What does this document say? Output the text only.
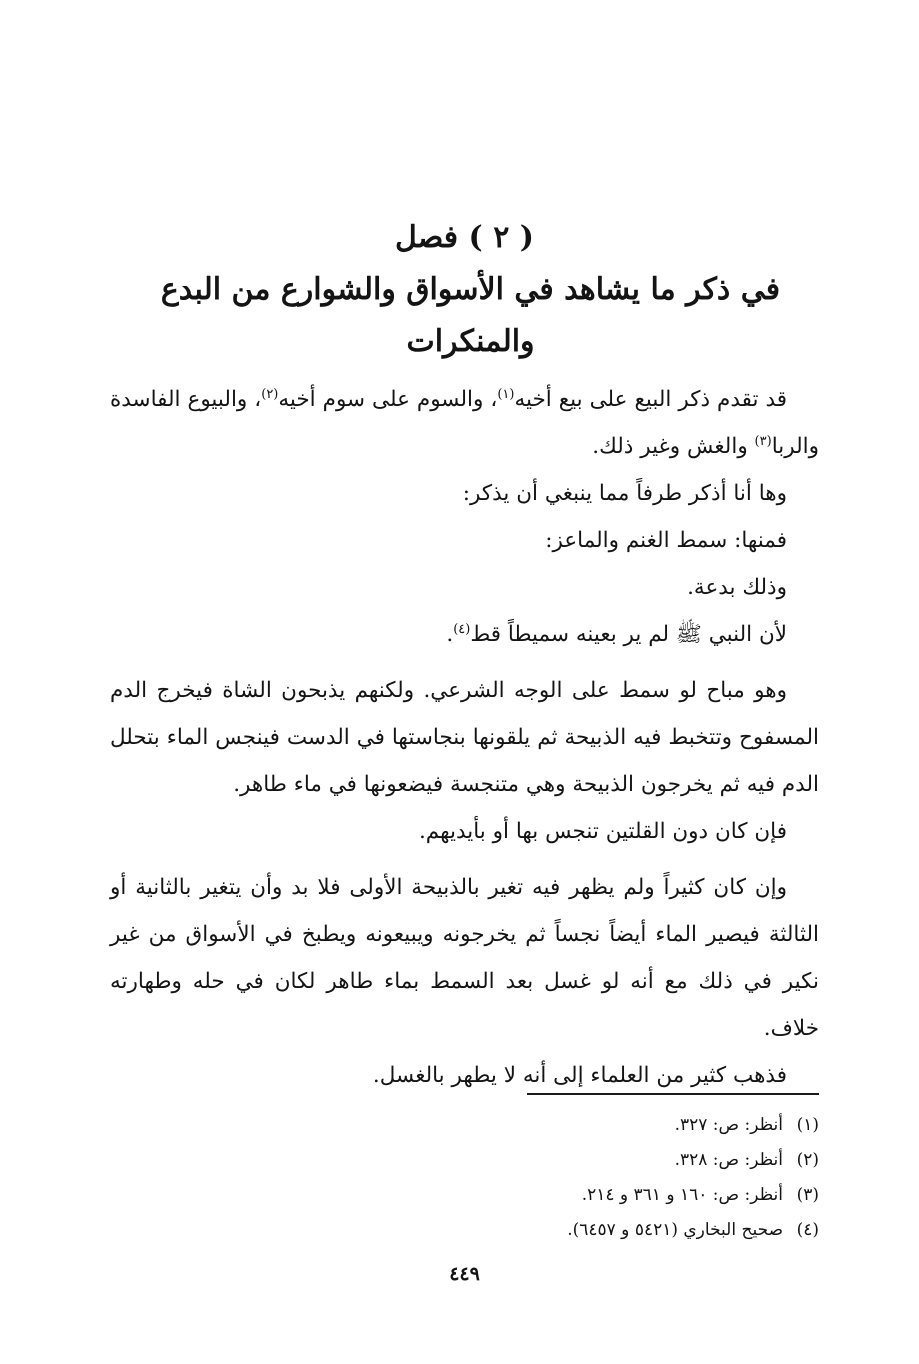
( ٢ ) فصل
في ذكر ما يشاهد في الأسواق والشوارع من البدع والمنكرات

قد تقدم ذكر البيع على بيع أخيه$^{(١)}$، والسوم على سوم أخيه$^{(٢)}$، والبيوع الفاسدة والربا$^{(٣)}$ والغش وغير ذلك.

وها أنا أذكر طرفاً مما ينبغي أن يذكر:

فمنها: سمط الغنم والماعز:

وذلك بدعة.

لأن النبي ﷺ لم ير بعينه سميطاً قط$^{(٤)}$.

وهو مباح لو سمط على الوجه الشرعي. ولكنهم يذبحون الشاة فيخرج الدم المسفوح وتتخبط فيه الذبيحة ثم يلقونها بنجاستها في الدست فينجس الماء بتحلل الدم فيه ثم يخرجون الذبيحة وهي متنجسة فيضعونها في ماء طاهر.

فإن كان دون القلتين تنجس بها أو بأيديهم.

وإن كان كثيراً ولم يظهر فيه تغير بالذبيحة الأولى فلا بد وأن يتغير بالثانية أو الثالثة فيصير الماء أيضاً نجساً ثم يخرجونه ويبيعونه ويطبخ في الأسواق من غير نكير في ذلك مع أنه لو غسل بعد السمط بماء طاهر لكان في حله وطهارته خلاف.

فذهب كثير من العلماء إلى أنه لا يطهر بالغسل.

(١)أنظر: ص: ٣٢٧.

(٢)أنظر: ص: ٣٢٨.

(٣)أنظر: ص: ١٦٠ و ٣٦١ و ٢١٤.

(٤)صحيح البخاري (٥٤٢١ و ٦٤٥٧).

٤٤٩
